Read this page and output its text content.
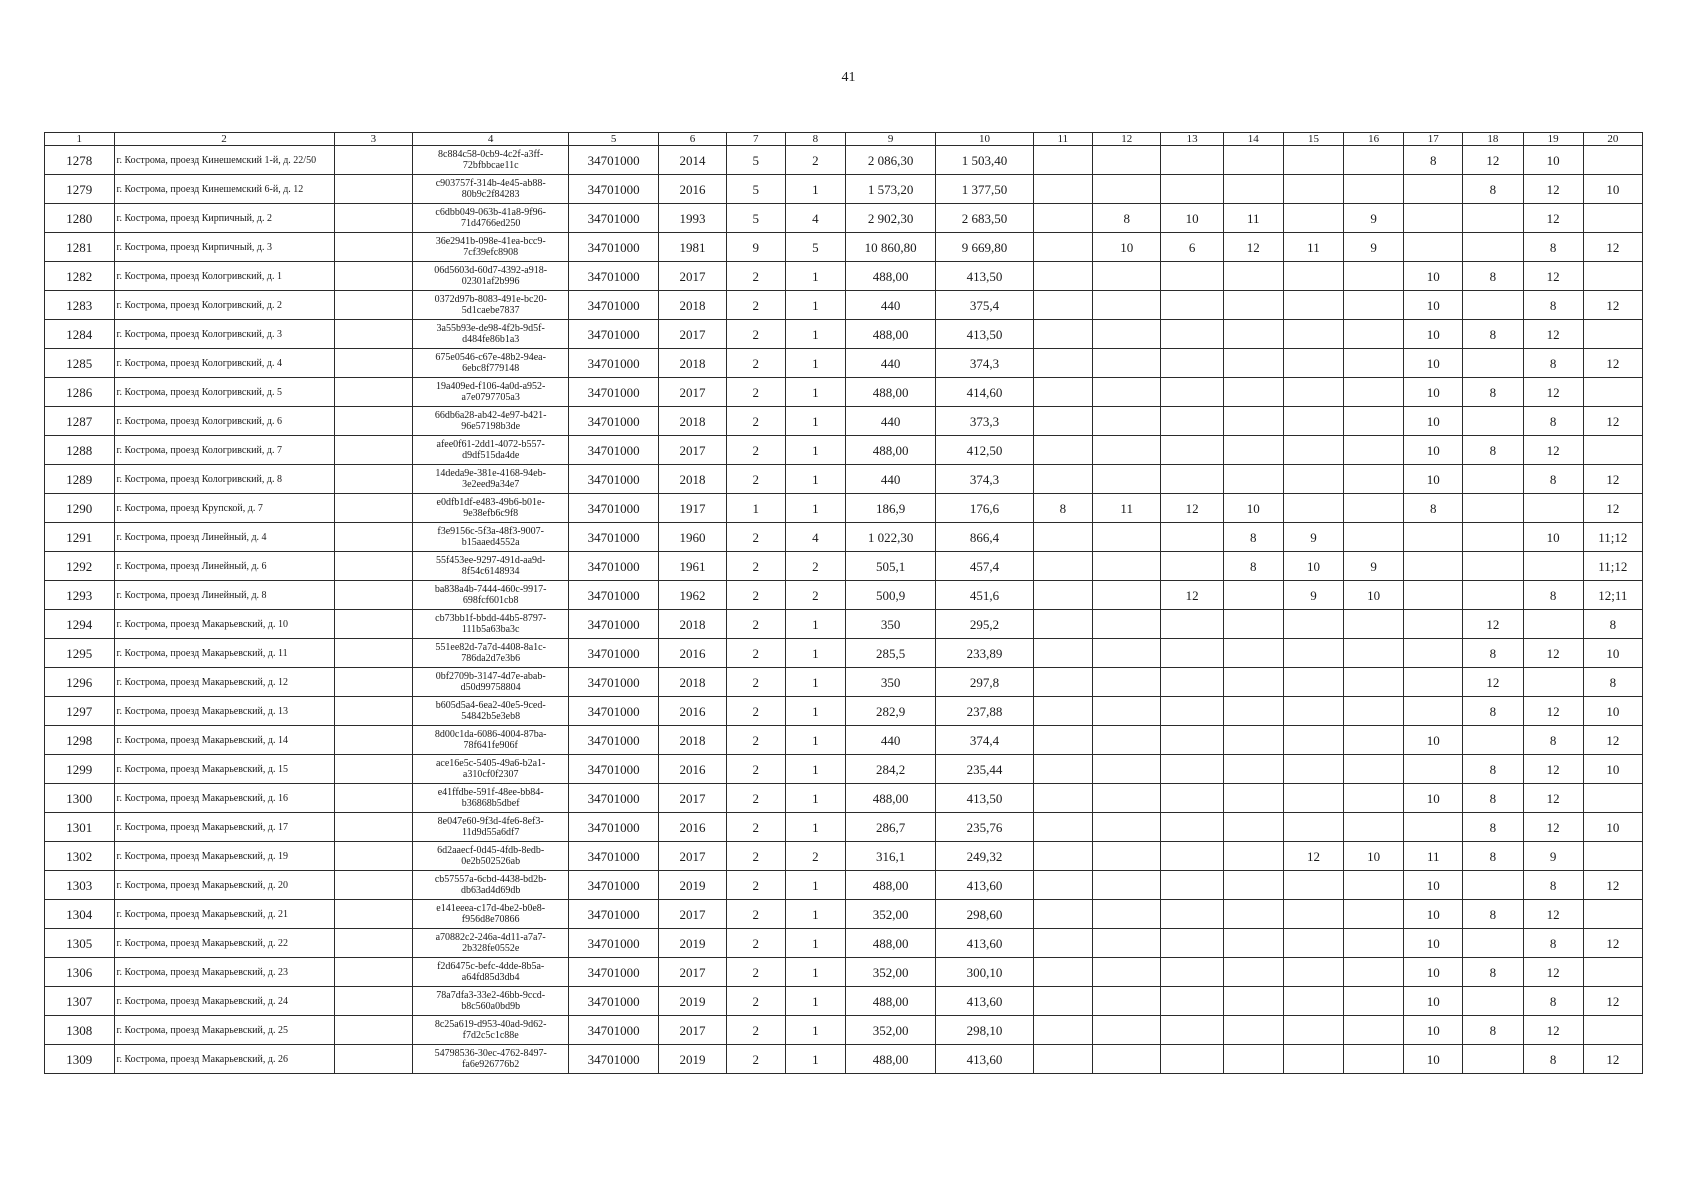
41
1	2	3	4	5	6	7	8	9	10	11	12	13	14	15	16	17	18	19	20
1278	г. Кострома, проезд Кинешемский 1-й, д. 22/50		8c884c58-0cb9-4c2f-a3ff-72bfbbcae11c	34701000	2014	5	2	2 086,30	1 503,40							8	12	10	
1279	г. Кострома, проезд Кинешемский 6-й, д. 12		c903757f-314b-4e45-ab88-80b9c2f84283	34701000	2016	5	1	1 573,20	1 377,50								8	12	10
1280	г. Кострома, проезд Кирпичный, д. 2		c6dbb049-063b-41a8-9f96-71d4766ed250	34701000	1993	5	4	2 902,30	2 683,50		8	10	11		9			12	
1281	г. Кострома, проезд Кирпичный, д. 3		36e2941b-098e-41ea-bcc9-7cf39efc8908	34701000	1981	9	5	10 860,80	9 669,80		10	6	12	11	9			8	12
1282	г. Кострома, проезд Кологривский, д. 1		06d5603d-60d7-4392-a918-02301af2b996	34701000	2017	2	1	488,00	413,50							10	8	12	
1283	г. Кострома, проезд Кологривский, д. 2		0372d97b-8083-491e-bc20-5d1caebe7837	34701000	2018	2	1	440	375,4							10		8	12
1284	г. Кострома, проезд Кологривский, д. 3		3a55b93e-de98-4f2b-9d5f-d484fe86b1a3	34701000	2017	2	1	488,00	413,50							10	8	12	
1285	г. Кострома, проезд Кологривский, д. 4		675e0546-c67e-48b2-94ea-6ebc8f779148	34701000	2018	2	1	440	374,3							10		8	12
1286	г. Кострома, проезд Кологривский, д. 5		19a409ed-f106-4a0d-a952-a7e0797705a3	34701000	2017	2	1	488,00	414,60							10	8	12	
1287	г. Кострома, проезд Кологривский, д. 6		66db6a28-ab42-4e97-b421-96e57198b3de	34701000	2018	2	1	440	373,3							10		8	12
1288	г. Кострома, проезд Кологривский, д. 7		afee0f61-2dd1-4072-b557-d9df515da4de	34701000	2017	2	1	488,00	412,50							10	8	12	
1289	г. Кострома, проезд Кологривский, д. 8		14deda9e-381e-4168-94eb-3e2eed9a34e7	34701000	2018	2	1	440	374,3							10		8	12
1290	г. Кострома, проезд Крупской, д. 7		e0dfb1df-e483-49b6-b01e-9e38efb6c9f8	34701000	1917	1	1	186,9	176,6	8	11	12	10			8			12
1291	г. Кострома, проезд Линейный, д. 4		f3e9156c-5f3a-48f3-9007-b15aaed4552a	34701000	1960	2	4	1 022,30	866,4				8	9				10	11;12
1292	г. Кострома, проезд Линейный, д. 6		55f453ee-9297-491d-aa9d-8f54c6148934	34701000	1961	2	2	505,1	457,4				8	10	9				11;12
1293	г. Кострома, проезд Линейный, д. 8		ba838a4b-7444-460c-9917-698fcf601cb8	34701000	1962	2	2	500,9	451,6			12		9	10			8	12;11
1294	г. Кострома, проезд Макарьевский, д. 10		cb73bb1f-bbdd-44b5-8797-111b5a63ba3c	34701000	2018	2	1	350	295,2								12		8
1295	г. Кострома, проезд Макарьевский, д. 11		551ee82d-7a7d-4408-8a1c-786da2d7e3b6	34701000	2016	2	1	285,5	233,89								8	12	10
1296	г. Кострома, проезд Макарьевский, д. 12		0bf2709b-3147-4d7e-abab-d50d99758804	34701000	2018	2	1	350	297,8								12		8
1297	г. Кострома, проезд Макарьевский, д. 13		b605d5a4-6ea2-40e5-9ced-54842b5e3eb8	34701000	2016	2	1	282,9	237,88								8	12	10
1298	г. Кострома, проезд Макарьевский, д. 14		8d00c1da-6086-4004-87ba-78f641fe906f	34701000	2018	2	1	440	374,4							10		8	12
1299	г. Кострома, проезд Макарьевский, д. 15		ace16e5c-5405-49a6-b2a1-a310cf0f2307	34701000	2016	2	1	284,2	235,44								8	12	10
1300	г. Кострома, проезд Макарьевский, д. 16		e41ffdbe-591f-48ee-bb84-b36868b5dbef	34701000	2017	2	1	488,00	413,50							10	8	12	
1301	г. Кострома, проезд Макарьевский, д. 17		8e047e60-9f3d-4fe6-8ef3-11d9d55a6df7	34701000	2016	2	1	286,7	235,76								8	12	10
1302	г. Кострома, проезд Макарьевский, д. 19		6d2aaecf-0d45-4fdb-8edb-0e2b502526ab	34701000	2017	2	2	316,1	249,32					12	10	11	8	9	
1303	г. Кострома, проезд Макарьевский, д. 20		cb57557a-6cbd-4438-bd2b-db63ad4d69db	34701000	2019	2	1	488,00	413,60							10		8	12
1304	г. Кострома, проезд Макарьевский, д. 21		e141eeea-c17d-4be2-b0e8-f956d8e70866	34701000	2017	2	1	352,00	298,60							10	8	12	
1305	г. Кострома, проезд Макарьевский, д. 22		a70882c2-246a-4d11-a7a7-2b328fe0552e	34701000	2019	2	1	488,00	413,60							10		8	12
1306	г. Кострома, проезд Макарьевский, д. 23		f2d6475c-befc-4dde-8b5a-a64fd85d3db4	34701000	2017	2	1	352,00	300,10							10	8	12	
1307	г. Кострома, проезд Макарьевский, д. 24		78a7dfa3-33e2-46bb-9ccd-b8c560a0bd9b	34701000	2019	2	1	488,00	413,60							10		8	12
1308	г. Кострома, проезд Макарьевский, д. 25		8c25a619-d953-40ad-9d62-f7d2c5c1c88e	34701000	2017	2	1	352,00	298,10							10	8	12	
1309	г. Кострома, проезд Макарьевский, д. 26		54798536-30ec-4762-8497-fa6e926776b2	34701000	2019	2	1	488,00	413,60							10		8	12
